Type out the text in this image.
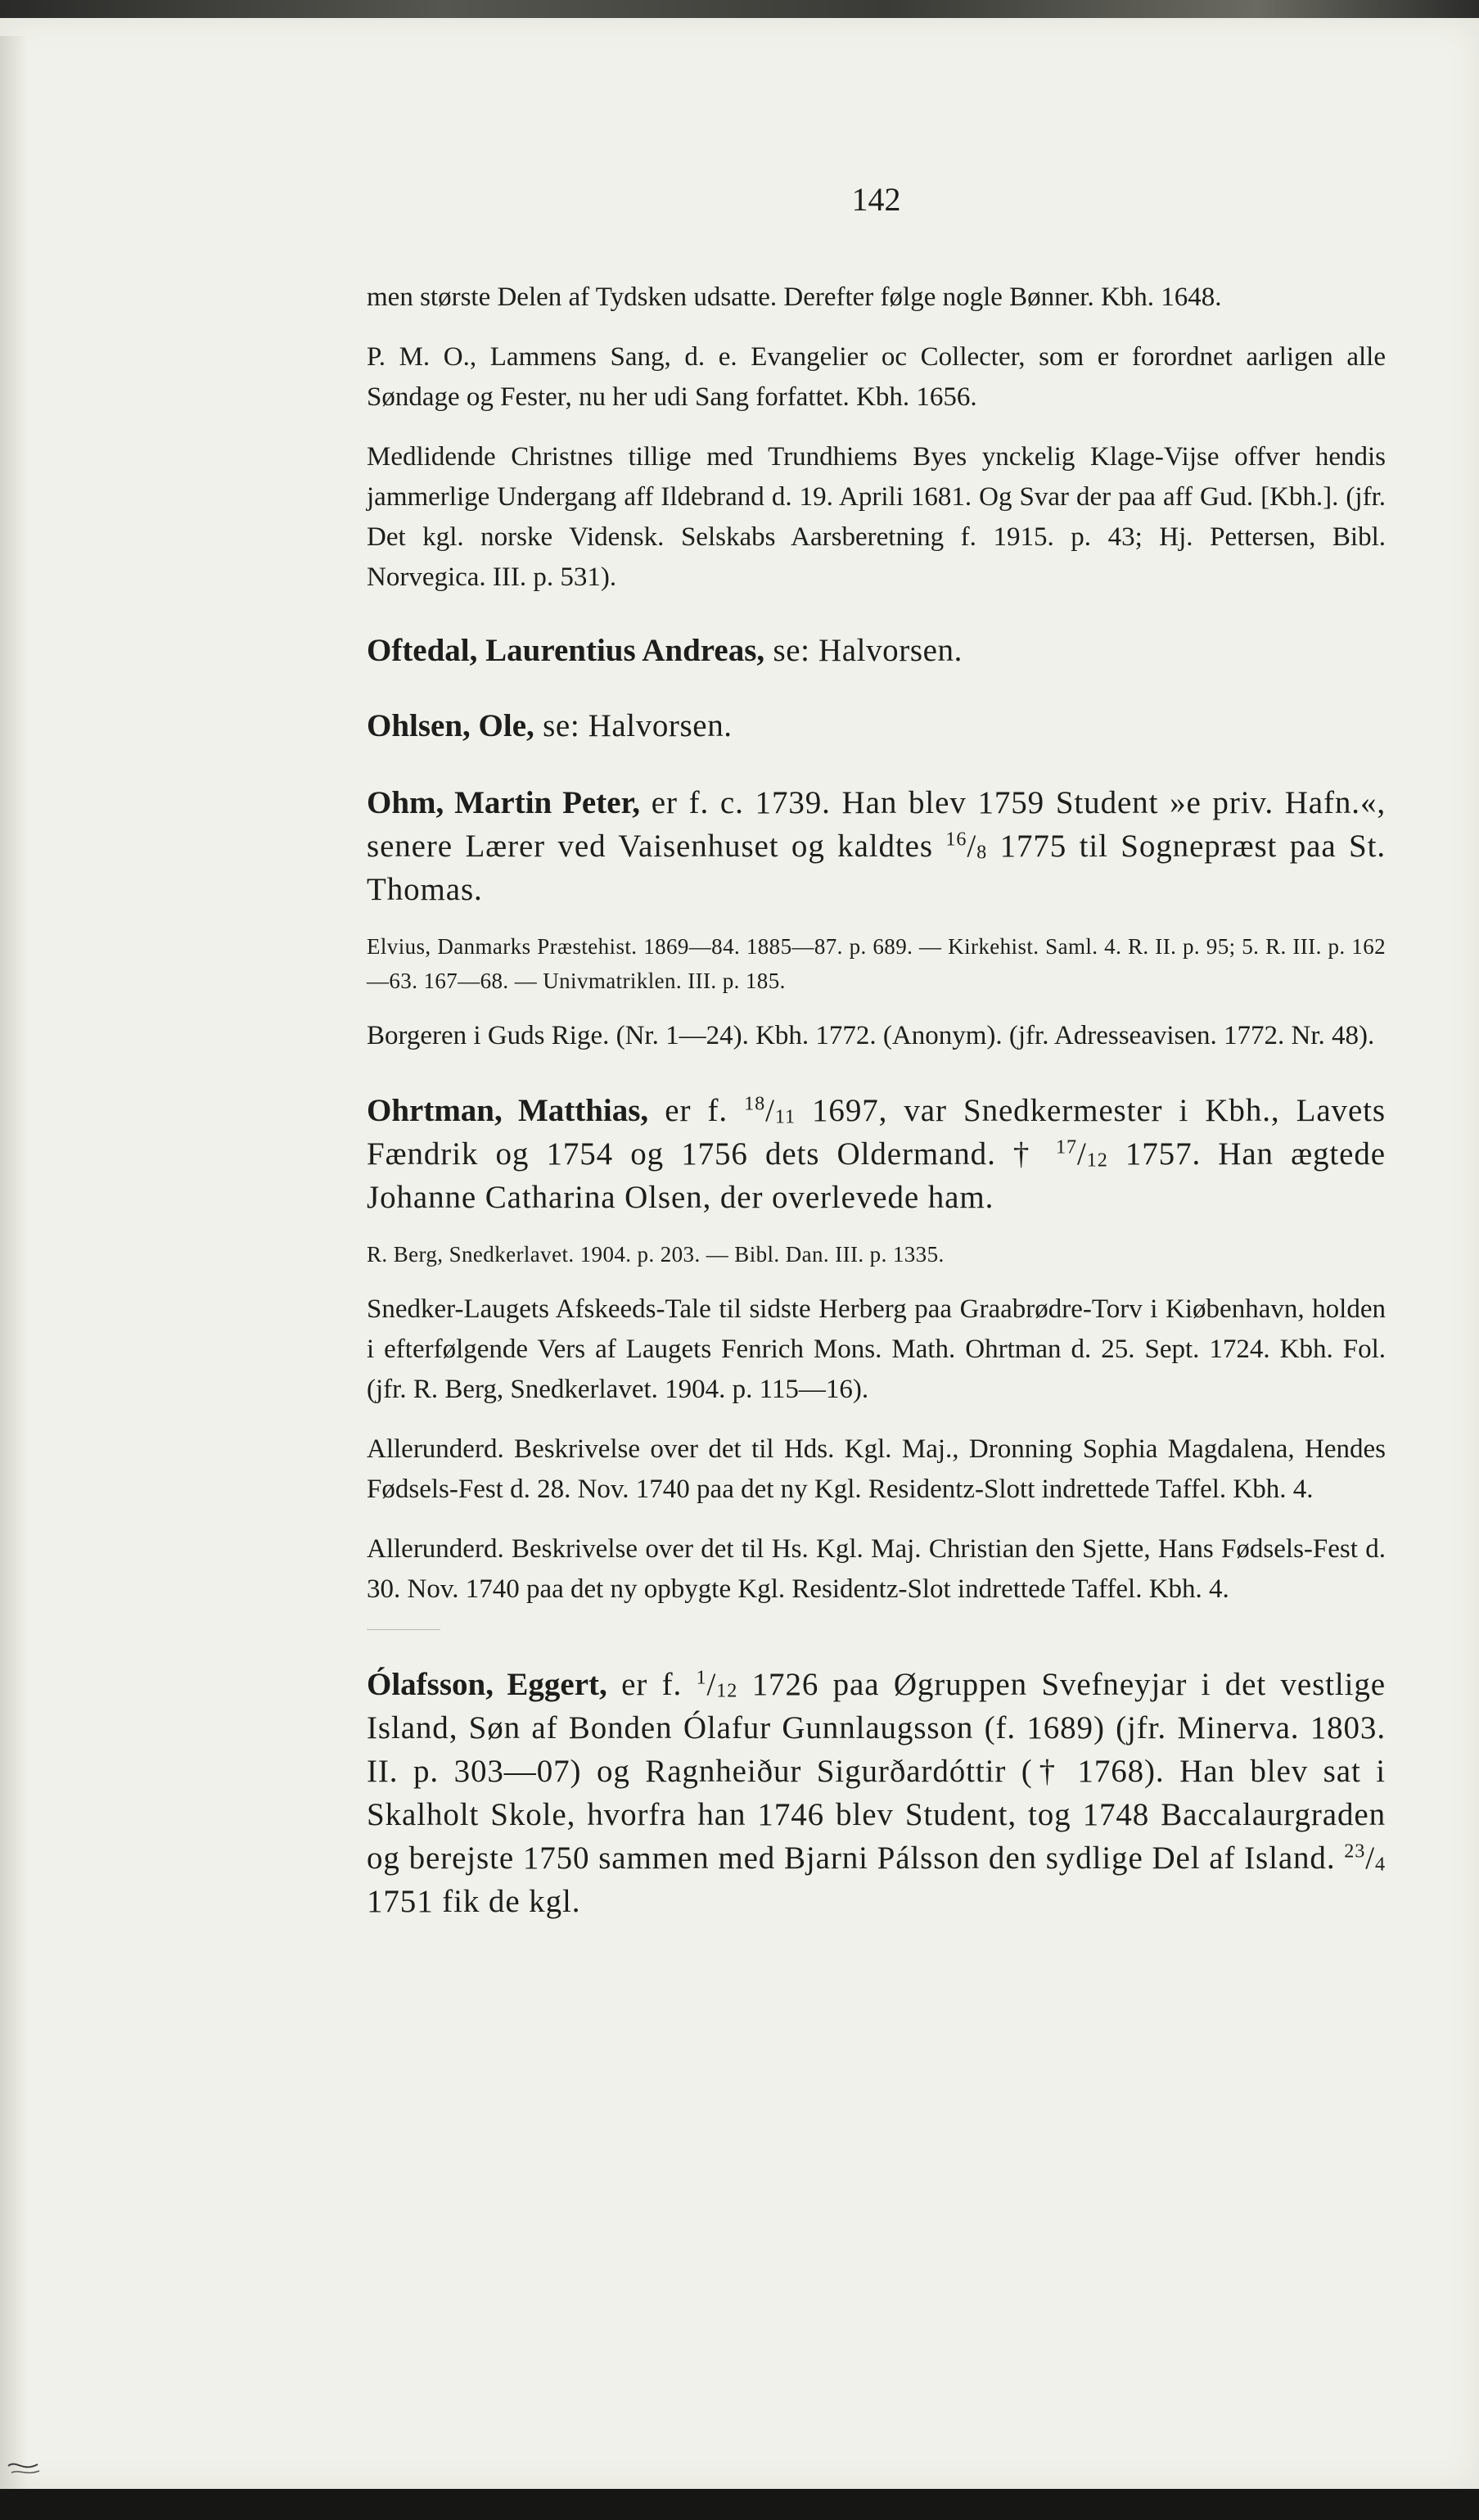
142

men største Delen af Tydsken udsatte. Derefter følge nogle Bønner. Kbh. 1648.

P. M. O., Lammens Sang, d. e. Evangelier oc Collecter, som er forordnet aarligen alle Søndage og Fester, nu her udi Sang forfattet. Kbh. 1656.

Medlidende Christnes tillige med Trundhiems Byes ynckelig Klage-Vijse offver hendis jammerlige Undergang aff Ildebrand d. 19. Aprili 1681. Og Svar der paa aff Gud. [Kbh.]. (jfr. Det kgl. norske Vidensk. Selskabs Aarsberetning f. 1915. p. 43; Hj. Pettersen, Bibl. Norvegica. III. p. 531).

Oftedal, Laurentius Andreas, se: Halvorsen.

Ohlsen, Ole, se: Halvorsen.

Ohm, Martin Peter, er f. c. 1739. Han blev 1759 Student »e priv. Hafn.«, senere Lærer ved Vaisenhuset og kaldtes $^{16}/_8$ 1775 til Sognepræst paa St. Thomas.

Elvius, Danmarks Præstehist. 1869—84. 1885—87. p. 689. — Kirkehist. Saml. 4. R. II. p. 95; 5. R. III. p. 162—63. 167—68. — Univmatriklen. III. p. 185.

Borgeren i Guds Rige. (Nr. 1—24). Kbh. 1772. (Anonym). (jfr. Adresseavisen. 1772. Nr. 48).

Ohrtman, Matthias, er f. $^{18}/_{11}$ 1697, var Snedkermester i Kbh., Lavets Fændrik og 1754 og 1756 dets Oldermand. † $^{17}/_{12}$ 1757. Han ægtede Johanne Catharina Olsen, der overlevede ham.

R. Berg, Snedkerlavet. 1904. p. 203. — Bibl. Dan. III. p. 1335.

Snedker-Laugets Afskeeds-Tale til sidste Herberg paa Graabrødre-Torv i Kiøbenhavn, holden i efterfølgende Vers af Laugets Fenrich Mons. Math. Ohrtman d. 25. Sept. 1724. Kbh. Fol. (jfr. R. Berg, Snedkerlavet. 1904. p. 115—16).

Allerunderd. Beskrivelse over det til Hds. Kgl. Maj., Dronning Sophia Magdalena, Hendes Fødsels-Fest d. 28. Nov. 1740 paa det ny Kgl. Residentz-Slott indrettede Taffel. Kbh. 4.

Allerunderd. Beskrivelse over det til Hs. Kgl. Maj. Christian den Sjette, Hans Fødsels-Fest d. 30. Nov. 1740 paa det ny opbygte Kgl. Residentz-Slot indrettede Taffel. Kbh. 4.

Ólafsson, Eggert, er f. $^1/_{12}$ 1726 paa Øgruppen Svefneyjar i det vestlige Island, Søn af Bonden Ólafur Gunnlaugsson (f. 1689) (jfr. Minerva. 1803. II. p. 303—07) og Ragnheiður Sigurðardóttir († 1768). Han blev sat i Skalholt Skole, hvorfra han 1746 blev Student, tog 1748 Baccalaurgraden og berejste 1750 sammen med Bjarni Pálsson den sydlige Del af Island. $^{23}/_4$ 1751 fik de kgl.
